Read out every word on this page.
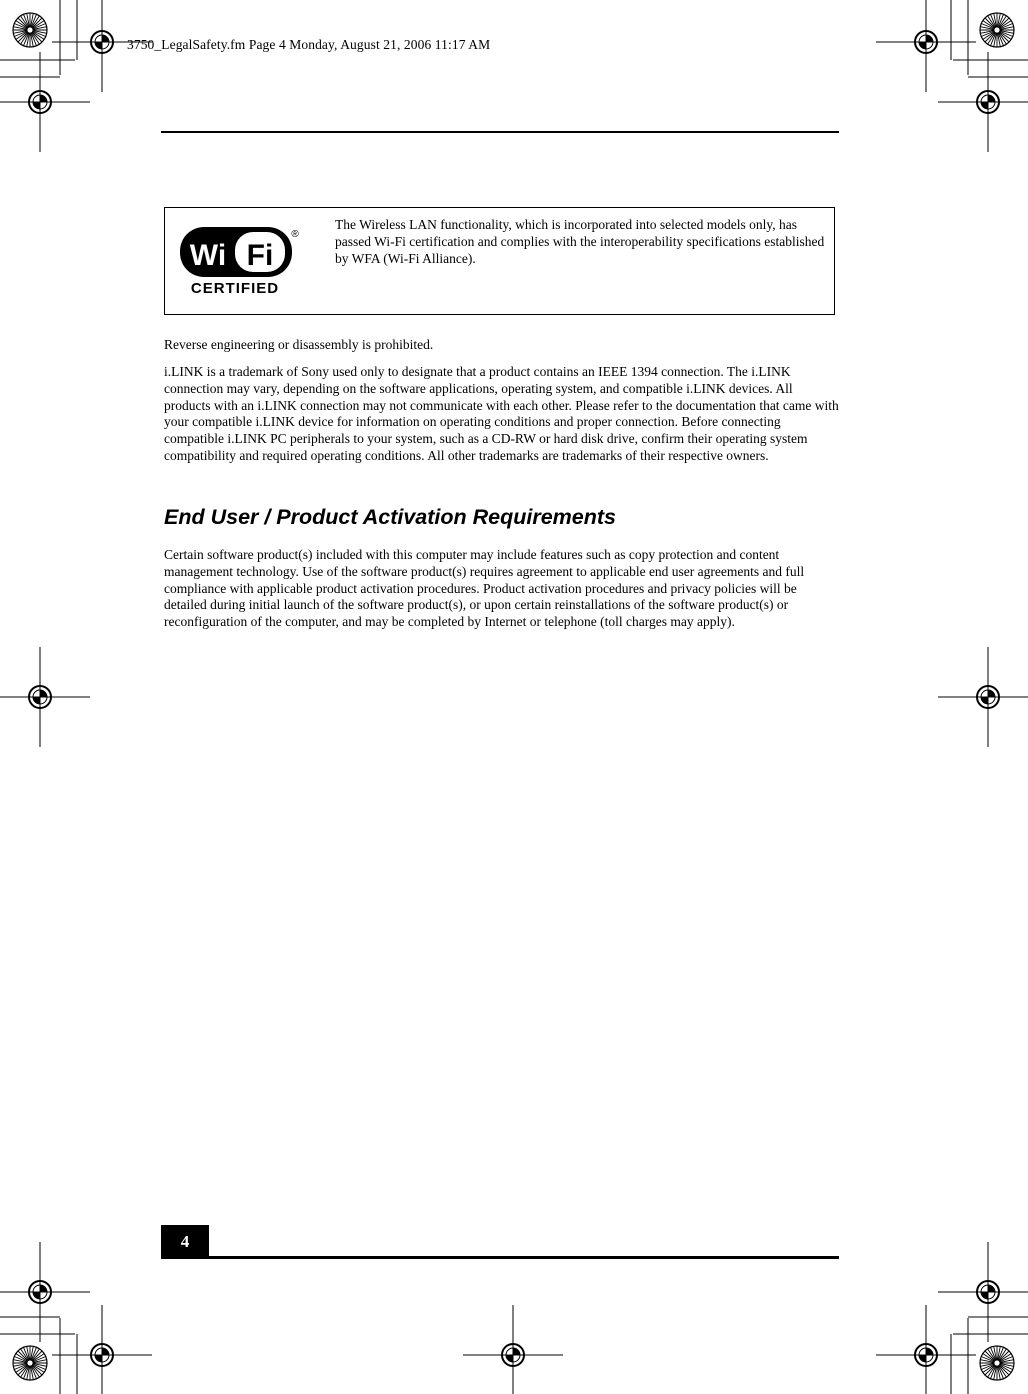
3750_LegalSafety.fm Page 4 Monday, August 21, 2006 11:17 AM
The Wireless LAN functionality, which is incorporated into selected models only, has passed Wi-Fi certification and complies with the interoperability specifications established by WFA (Wi-Fi Alliance).
Wi Fi
®
CERTIFIED
Reverse engineering or disassembly is prohibited.
i.LINK is a trademark of Sony used only to designate that a product contains an IEEE 1394 connection. The i.LINK connection may vary, depending on the software applications, operating system, and compatible i.LINK devices. All products with an i.LINK connection may not communicate with each other. Please refer to the documentation that came with your compatible i.LINK device for information on operating conditions and proper connection. Before connecting compatible i.LINK PC peripherals to your system, such as a CD-RW or hard disk drive, confirm their operating system compatibility and required operating conditions. All other trademarks are trademarks of their respective owners.
End User / Product Activation Requirements
Certain software product(s) included with this computer may include features such as copy protection and content management technology. Use of the software product(s) requires agreement to applicable end user agreements and full compliance with applicable product activation procedures. Product activation procedures and privacy policies will be detailed during initial launch of the software product(s), or upon certain reinstallations of the software product(s) or reconfiguration of the computer, and may be completed by Internet or telephone (toll charges may apply).
4
